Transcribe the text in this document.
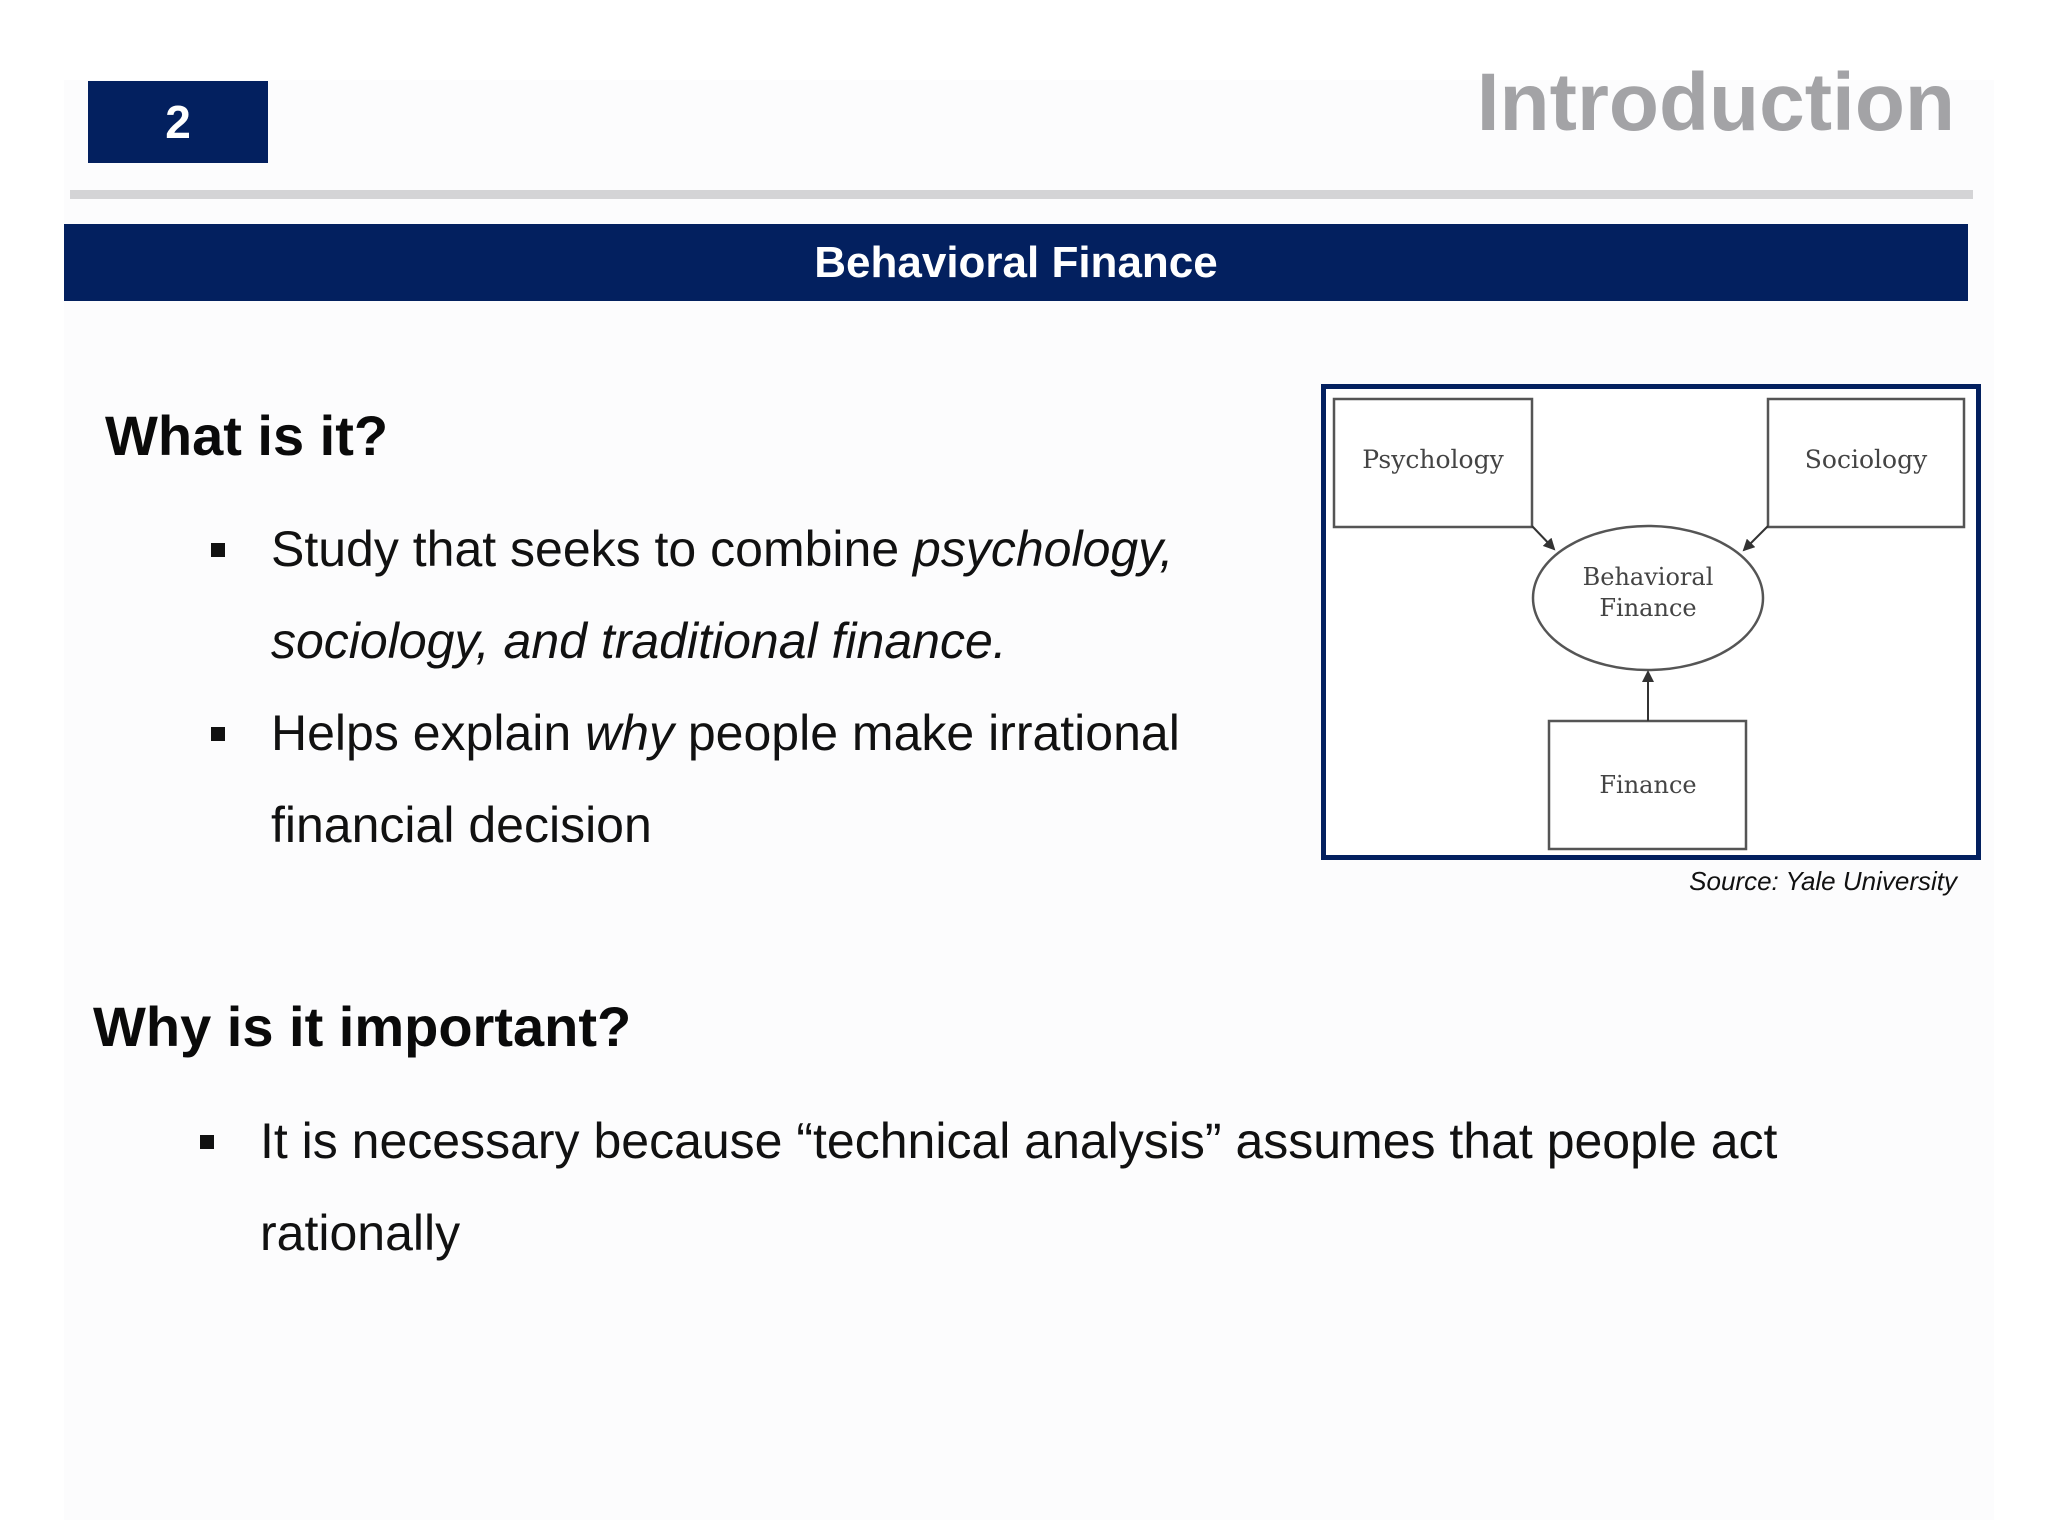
2	Introduction
Behavioral Finance
What is it?
Study that seeks to combine psychology, sociology, and traditional finance.
Helps explain why people make irrational financial decision
Why is it important?
It is necessary because “technical analysis” assumes that people act rationally
Psychology	Sociology
Behavioral
Finance
Finance
Source: Yale University
